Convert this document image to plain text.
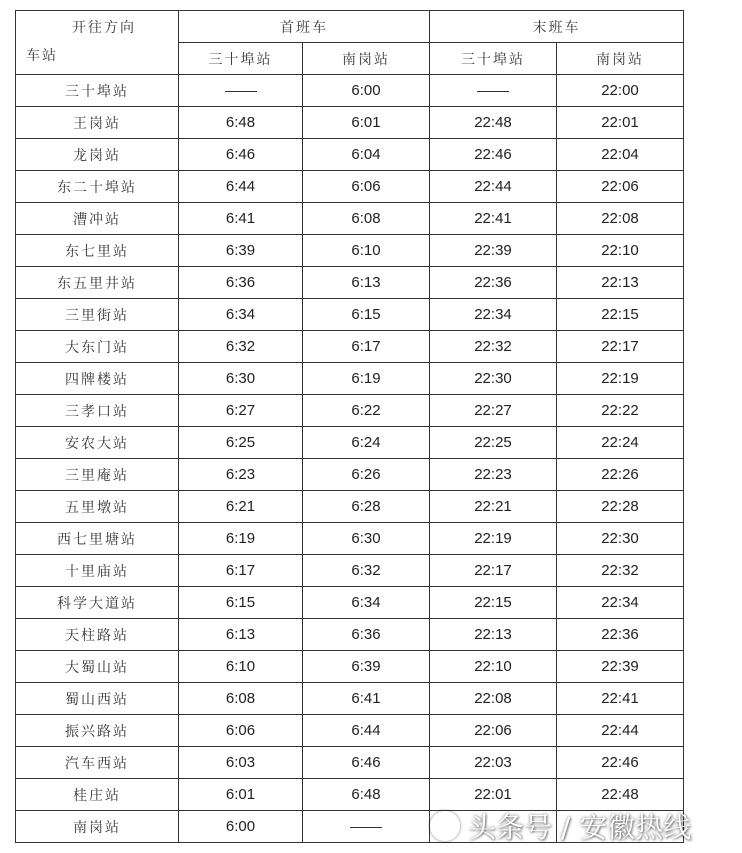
开往方向
车站	首班车		末班车	
	三十埠站	南岗站	三十埠站	南岗站
三十埠站		6:00		22:00
王岗站	6:48	6:01	22:48	22:01
龙岗站	6:46	6:04	22:46	22:04
东二十埠站	6:44	6:06	22:44	22:06
漕冲站	6:41	6:08	22:41	22:08
东七里站	6:39	6:10	22:39	22:10
东五里井站	6:36	6:13	22:36	22:13
三里街站	6:34	6:15	22:34	22:15
大东门站	6:32	6:17	22:32	22:17
四牌楼站	6:30	6:19	22:30	22:19
三孝口站	6:27	6:22	22:27	22:22
安农大站	6:25	6:24	22:25	22:24
三里庵站	6:23	6:26	22:23	22:26
五里墩站	6:21	6:28	22:21	22:28
西七里塘站	6:19	6:30	22:19	22:30
十里庙站	6:17	6:32	22:17	22:32
科学大道站	6:15	6:34	22:15	22:34
天柱路站	6:13	6:36	22:13	22:36
大蜀山站	6:10	6:39	22:10	22:39
蜀山西站	6:08	6:41	22:08	22:41
振兴路站	6:06	6:44	22:06	22:44
汽车西站	6:03	6:46	22:03	22:46
桂庄站	6:01	6:48	22:01	22:48
南岗站	6:00				头条号 / 安徽热线
